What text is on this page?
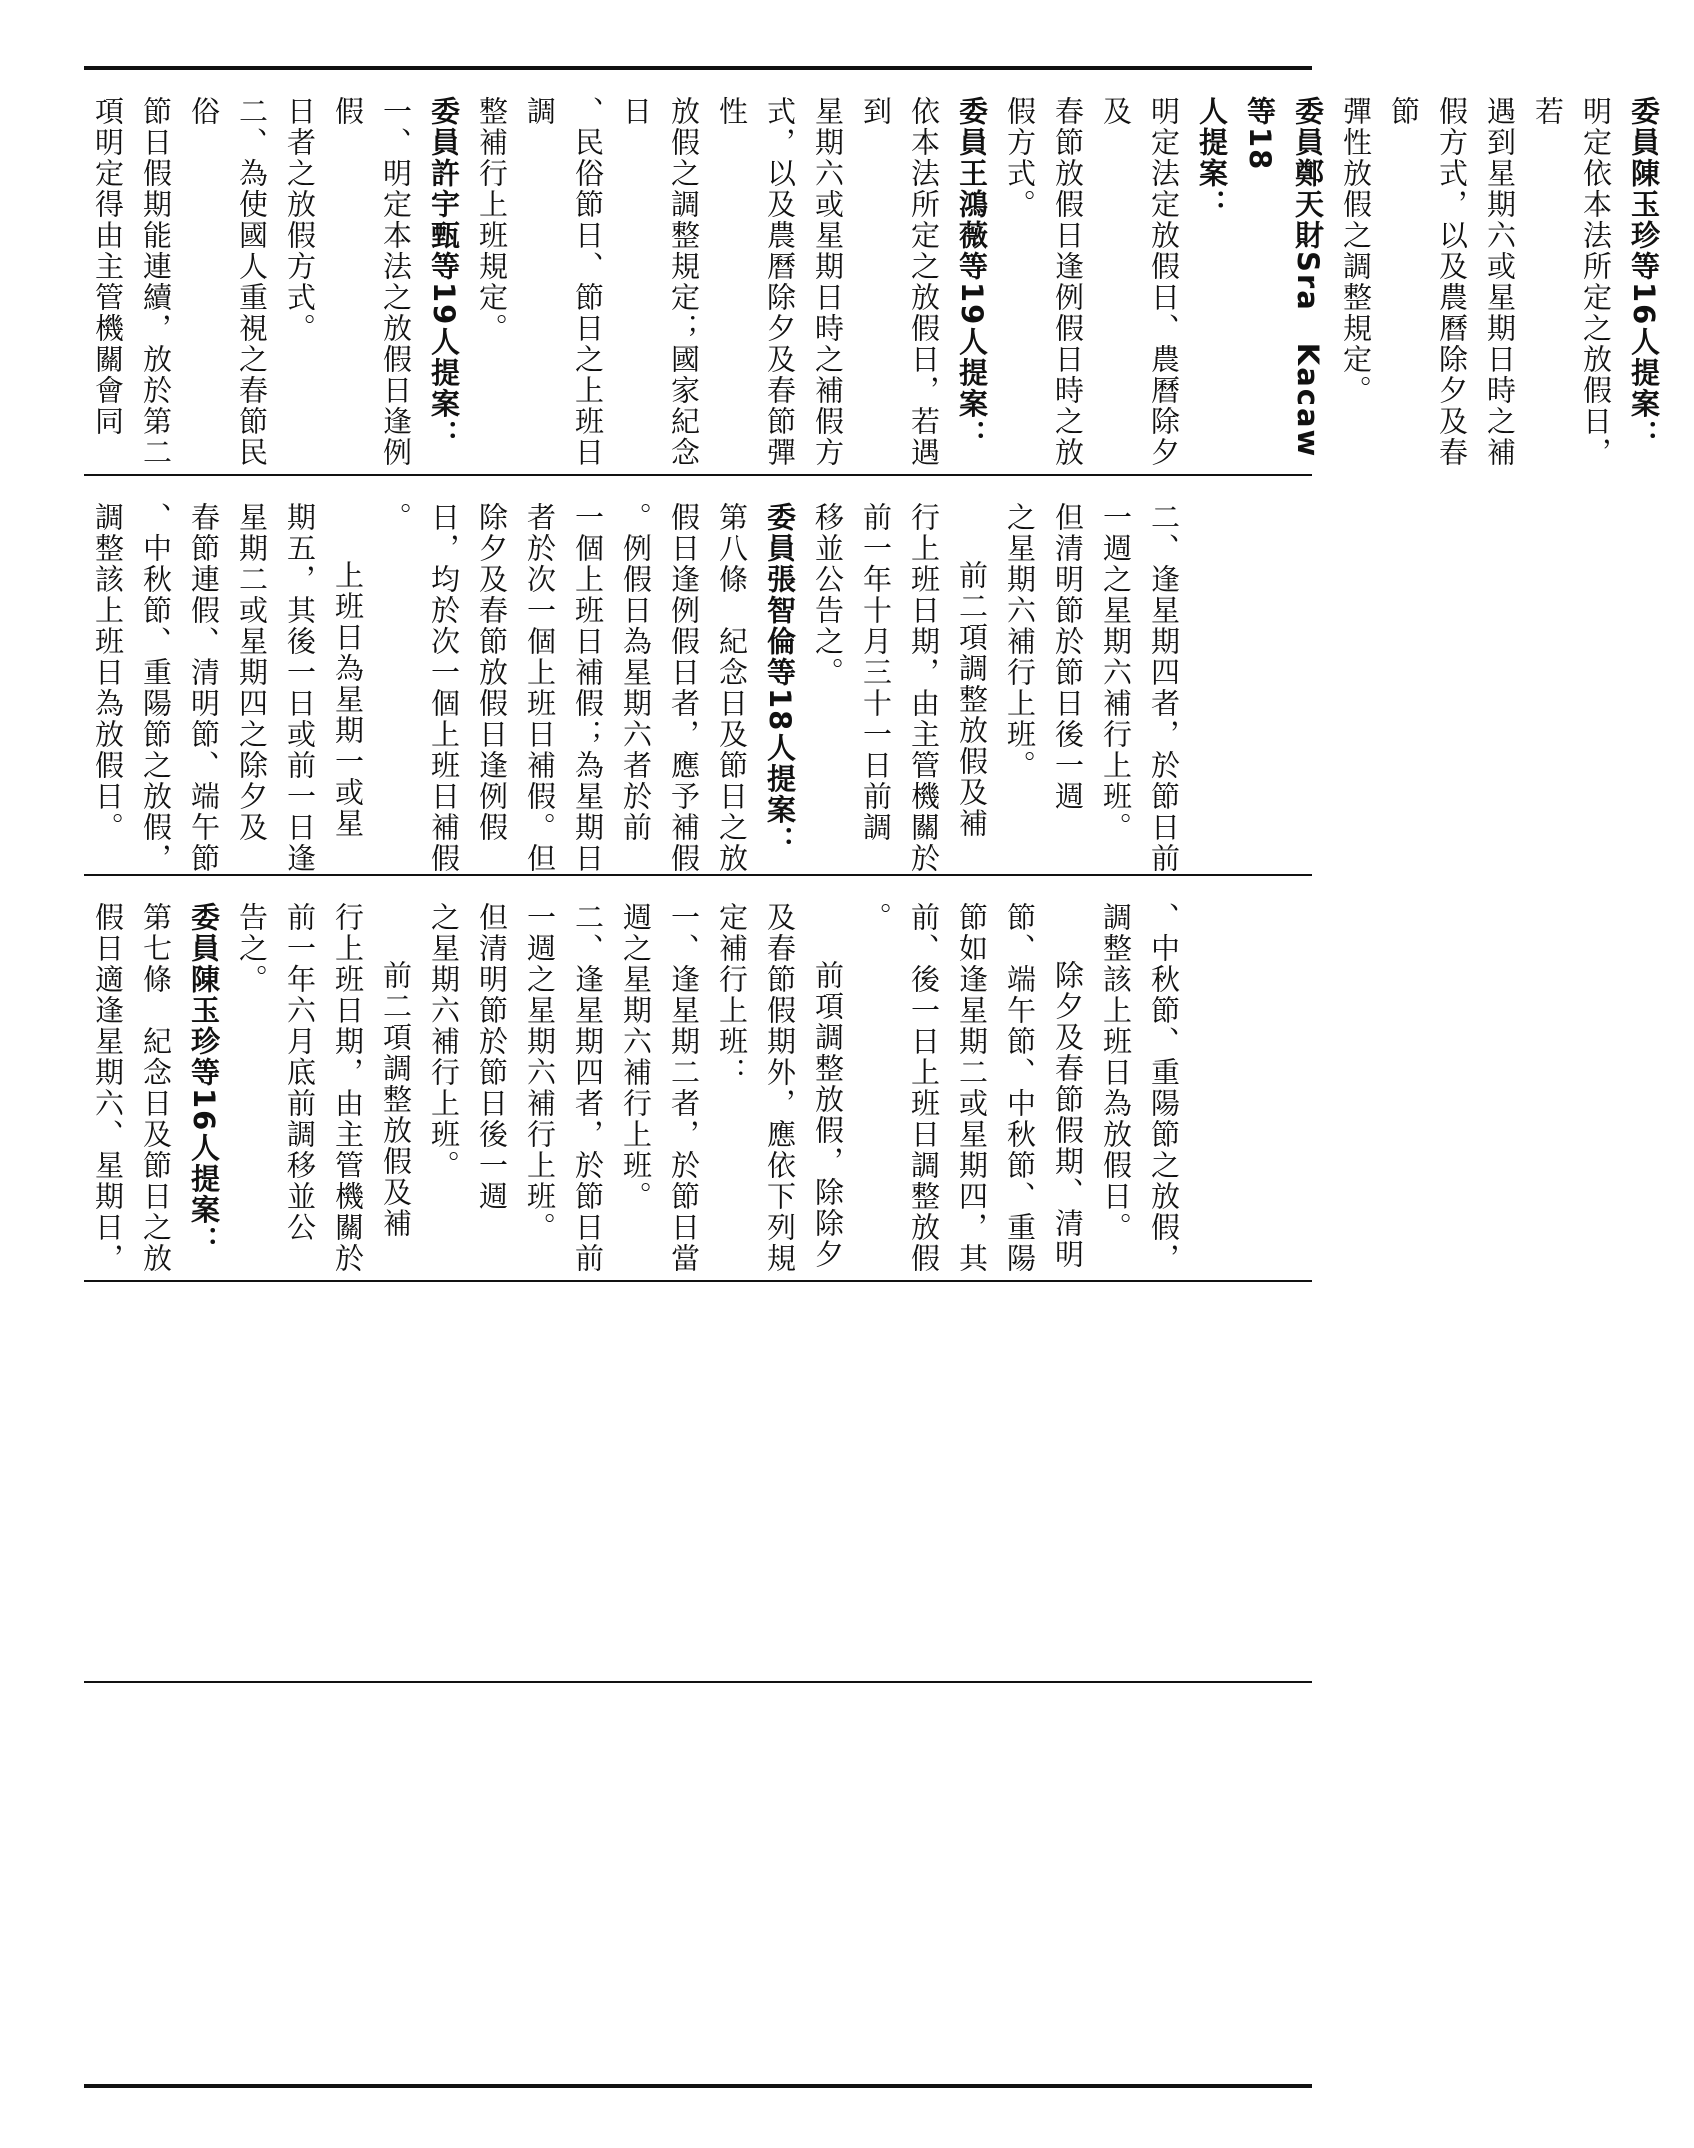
委員陳玉珍等16人提案：

明定依本法所定之放假日，若

遇到星期六或星期日時之補

假方式，以及農曆除夕及春節

彈性放假之調整規定。

委員鄭天財Sra　Kacaw等18

人提案：

明定法定放假日、農曆除夕及

春節放假日逢例假日時之放

假方式。

委員王鴻薇等19人提案：

依本法所定之放假日，若遇到

星期六或星期日時之補假方

式，以及農曆除夕及春節彈性

放假之調整規定；國家紀念日

、民俗節日、節日之上班日調

整補行上班規定。

委員許宇甄等19人提案：

一、明定本法之放假日逢例假

日者之放假方式。

二、為使國人重視之春節民俗

節日假期能連續，放於第二

項明定得由主管機關會同

二、逢星期四者，於節日前

一週之星期六補行上班。

但清明節於節日後一週

之星期六補行上班。

前二項調整放假及補

行上班日期，由主管機關於

前一年十月三十一日前調

移並公告之。

委員張智倫等18人提案：

第八條　紀念日及節日之放

假日逢例假日者，應予補假

。例假日為星期六者於前

一個上班日補假；為星期日

者於次一個上班日補假。但

除夕及春節放假日逢例假

日，均於次一個上班日補假

。

上班日為星期一或星

期五，其後一日或前一日逢

星期二或星期四之除夕及

春節連假、清明節、端午節

、中秋節、重陽節之放假，

調整該上班日為放假日。

、中秋節、重陽節之放假，

調整該上班日為放假日。

除夕及春節假期、清明

節、端午節、中秋節、重陽

節如逢星期二或星期四，其

前、後一日上班日調整放假

。

前項調整放假，除除夕

及春節假期外，應依下列規

定補行上班：

一、逢星期二者，於節日當

週之星期六補行上班。

二、逢星期四者，於節日前

一週之星期六補行上班。

但清明節於節日後一週

之星期六補行上班。

前二項調整放假及補

行上班日期，由主管機關於

前一年六月底前調移並公

告之。

委員陳玉珍等16人提案：

第七條　紀念日及節日之放

假日適逢星期六、星期日，
